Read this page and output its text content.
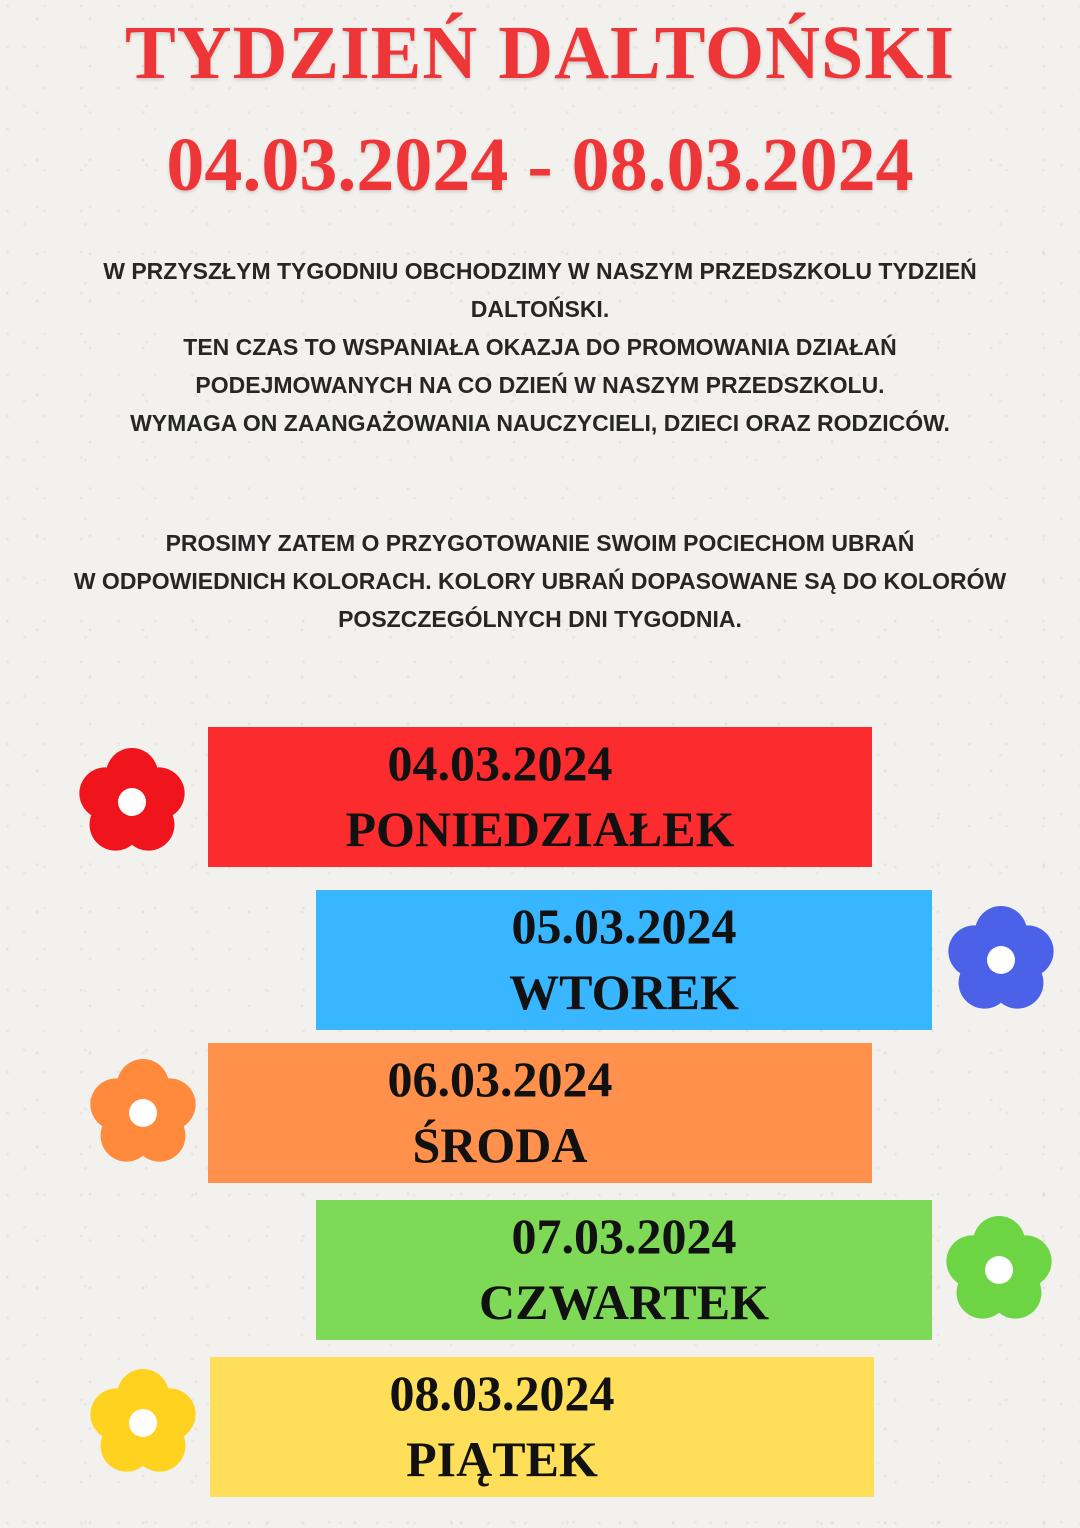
TYDZIEŃ DALTOŃSKI
04.03.2024 - 08.03.2024
W PRZYSZŁYM TYGODNIU OBCHODZIMY W NASZYM PRZEDSZKOLU TYDZIEŃ
DALTOŃSKI.
TEN CZAS TO WSPANIAŁA OKAZJA DO PROMOWANIA DZIAŁAŃ
PODEJMOWANYCH NA CO DZIEŃ W NASZYM PRZEDSZKOLU.
WYMAGA ON ZAANGAŻOWANIA NAUCZYCIELI, DZIECI ORAZ RODZICÓW.
PROSIMY ZATEM O PRZYGOTOWANIE SWOIM POCIECHOM UBRAŃ
W ODPOWIEDNICH KOLORACH. KOLORY UBRAŃ DOPASOWANE SĄ DO KOLORÓW
POSZCZEGÓLNYCH DNI TYGODNIA.
04.03.2024
PONIEDZIAŁEK
05.03.2024
WTOREK
06.03.2024
ŚRODA
07.03.2024
CZWARTEK
08.03.2024
PIĄTEK
